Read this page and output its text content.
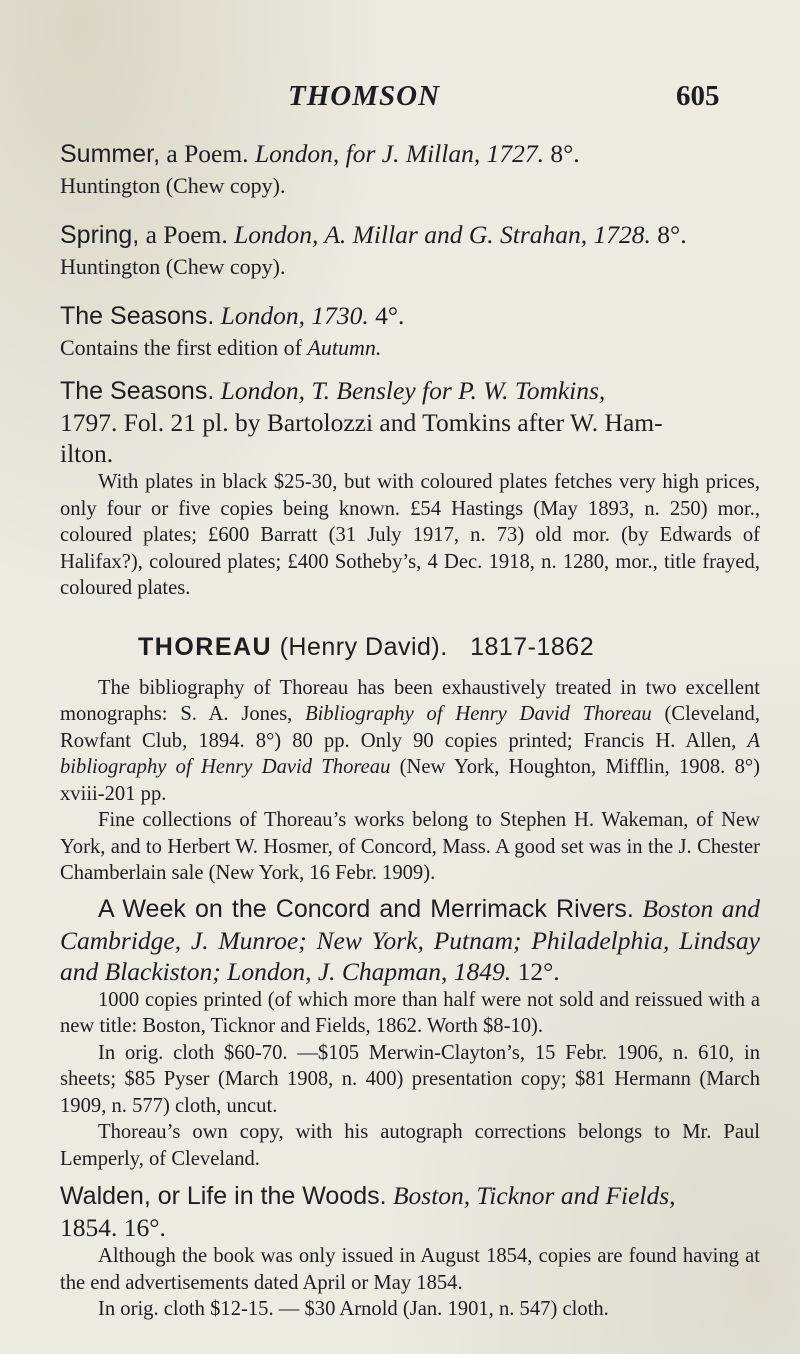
THOMSON	605

Summer, a Poem. London, for J. Millan, 1727. 8°.

Huntington (Chew copy).

Spring, a Poem. London, A. Millar and G. Strahan, 1728. 8°.

Huntington (Chew copy).

The Seasons. London, 1730. 4°.

Contains the first edition of Autumn.

The Seasons. London, T. Bensley for P. W. Tomkins,

1797. Fol. 21 pl. by Bartolozzi and Tomkins after W. Ham-

ilton.

With plates in black $25-30, but with coloured plates fetches very high prices, only four or five copies being known. £54 Hastings (May 1893, n. 250) mor., coloured plates; £600 Barratt (31 July 1917, n. 73) old mor. (by Edwards of Halifax?), coloured plates; £400 Sotheby’s, 4 Dec. 1918, n. 1280, mor., title frayed, coloured plates.

THOREAU (Henry David). 1817-1862

The bibliography of Thoreau has been exhaustively treated in two excellent monographs: S. A. Jones, Bibliography of Henry David Thoreau (Cleveland, Rowfant Club, 1894. 8°) 80 pp. Only 90 copies printed; Francis H. Allen, A bibliography of Henry David Thoreau (New York, Houghton, Mifflin, 1908. 8°) xviii-201 pp.

Fine collections of Thoreau’s works belong to Stephen H. Wakeman, of New York, and to Herbert W. Hosmer, of Concord, Mass. A good set was in the J. Chester Chamberlain sale (New York, 16 Febr. 1909).

A Week on the Concord and Merrimack Rivers. Boston and Cambridge, J. Munroe; New York, Putnam; Philadelphia, Lindsay and Blackiston; London, J. Chapman, 1849. 12°.

1000 copies printed (of which more than half were not sold and reissued with a new title: Boston, Ticknor and Fields, 1862. Worth $8-10).

In orig. cloth $60-70. —$105 Merwin-Clayton’s, 15 Febr. 1906, n. 610, in sheets; $85 Pyser (March 1908, n. 400) presentation copy; $81 Hermann (March 1909, n. 577) cloth, uncut.

Thoreau’s own copy, with his autograph corrections belongs to Mr. Paul Lemperly, of Cleveland.

Walden, or Life in the Woods. Boston, Ticknor and Fields,

1854. 16°.

Although the book was only issued in August 1854, copies are found having at the end advertisements dated April or May 1854.

In orig. cloth $12-15. — $30 Arnold (Jan. 1901, n. 547) cloth.
